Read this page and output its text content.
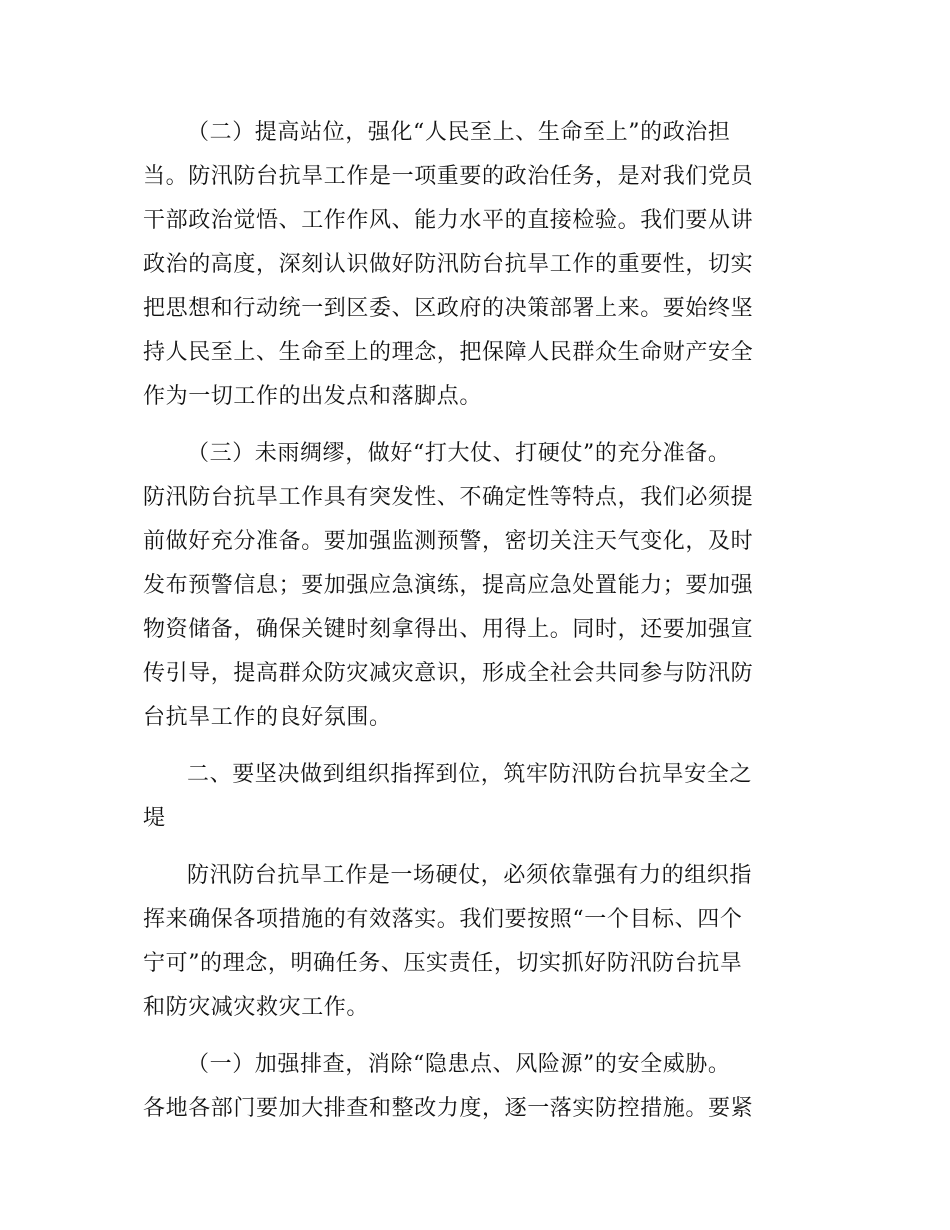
（二）提高站位，强化“人民至上、生命至上”的政治担
当。防汛防台抗旱工作是一项重要的政治任务，是对我们党员
干部政治觉悟、工作作风、能力水平的直接检验。我们要从讲
政治的高度，深刻认识做好防汛防台抗旱工作的重要性，切实
把思想和行动统一到区委、区政府的决策部署上来。要始终坚
持人民至上、生命至上的理念，把保障人民群众生命财产安全
作为一切工作的出发点和落脚点。
（三）未雨绸缪，做好“打大仗、打硬仗”的充分准备。
防汛防台抗旱工作具有突发性、不确定性等特点，我们必须提
前做好充分准备。要加强监测预警，密切关注天气变化，及时
发布预警信息；要加强应急演练，提高应急处置能力；要加强
物资储备，确保关键时刻拿得出、用得上。同时，还要加强宣
传引导，提高群众防灾减灾意识，形成全社会共同参与防汛防
台抗旱工作的良好氛围。
二、要坚决做到组织指挥到位，筑牢防汛防台抗旱安全之
堤
防汛防台抗旱工作是一场硬仗，必须依靠强有力的组织指
挥来确保各项措施的有效落实。我们要按照“一个目标、四个
宁可”的理念，明确任务、压实责任，切实抓好防汛防台抗旱
和防灾减灾救灾工作。
（一）加强排查，消除“隐患点、风险源”的安全威胁。
各地各部门要加大排查和整改力度，逐一落实防控措施。要紧
